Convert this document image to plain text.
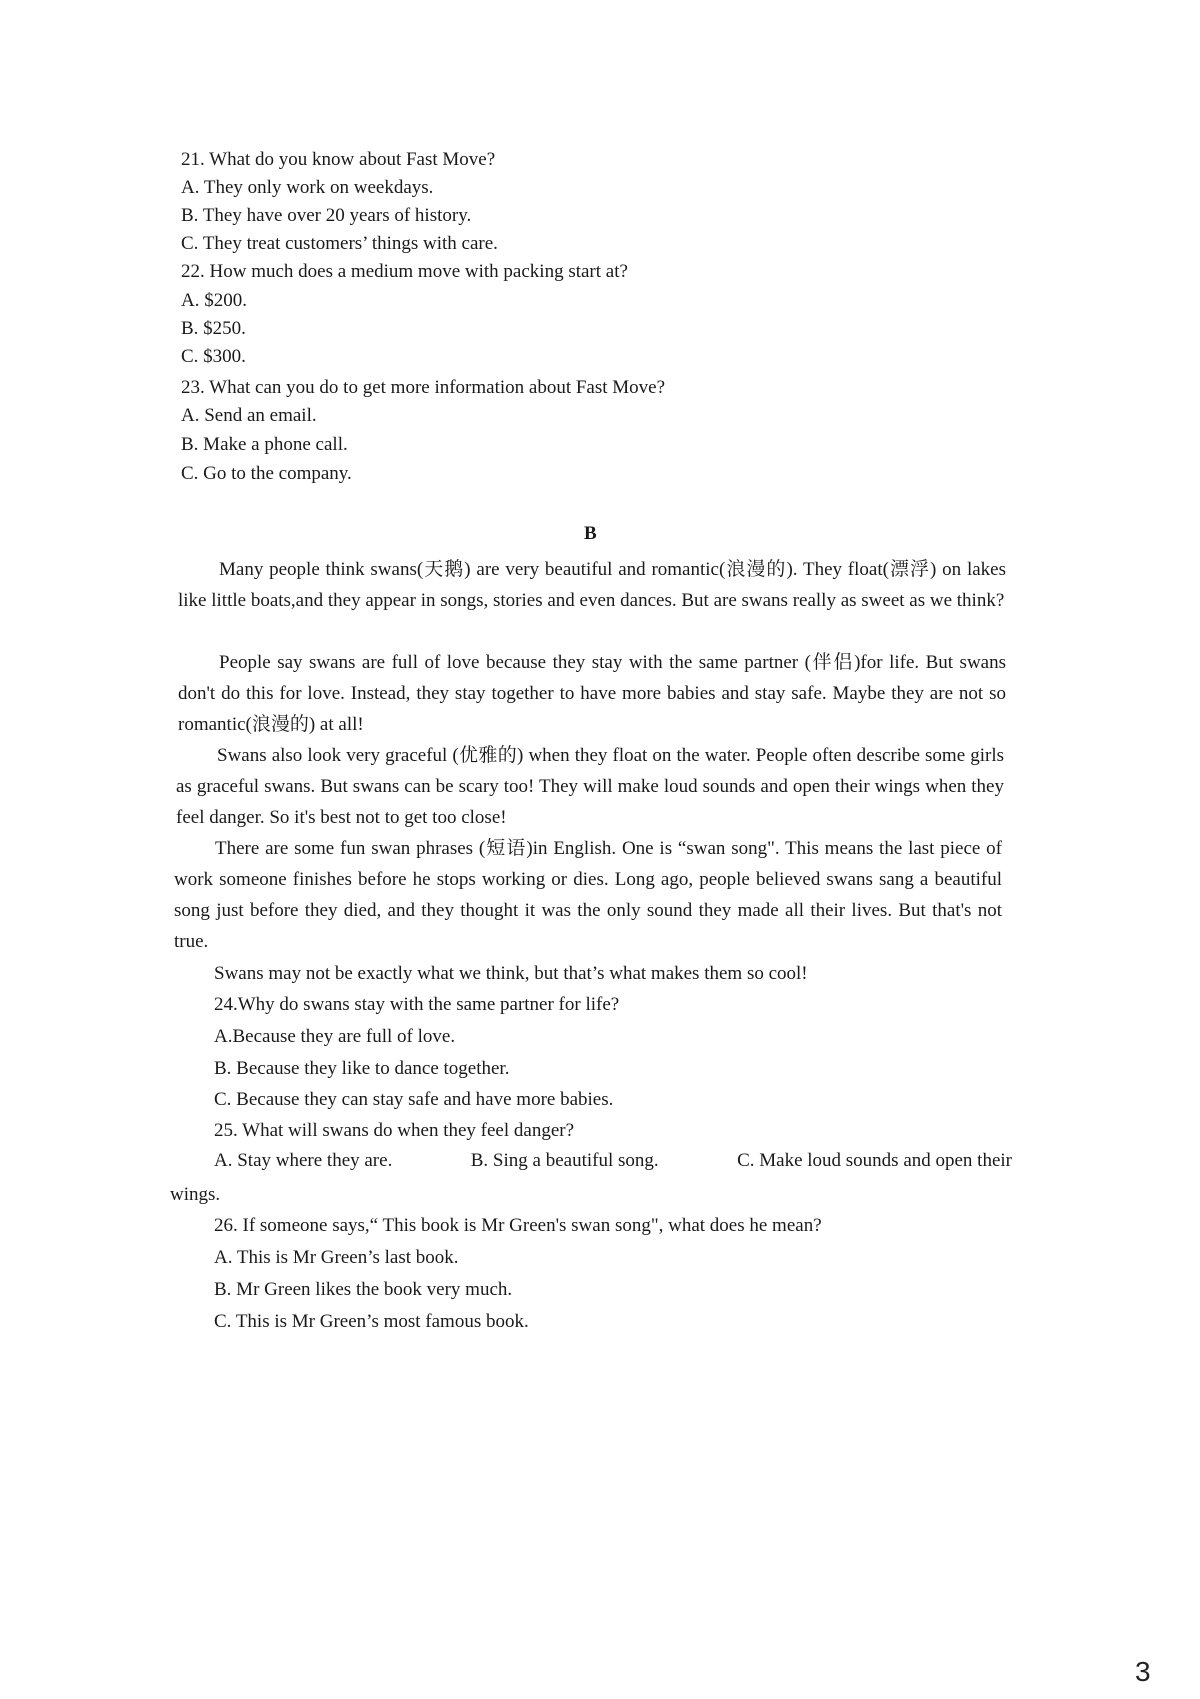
21. What do you know about Fast Move?
A. They only work on weekdays.
B. They have over 20 years of history.
C. They treat customers’ things with care.
22. How much does a medium move with packing start at?
A. $200.
B. $250.
C. $300.
23. What can you do to get more information about Fast Move?
A. Send an email.
B. Make a phone call.
C. Go to the company.
B
Many people think swans(天鹅) are very beautiful and romantic(浪漫的). They float(漂浮) on lakes like little boats,and they appear in songs, stories and even dances. But are swans really as sweet as we think?
People say swans are full of love because they stay with the same partner (伴侣)for life. But swans don't do this for love. Instead, they stay together to have more babies and stay safe. Maybe they are not so romantic(浪漫的) at all!
Swans also look very graceful (优雅的) when they float on the water. People often describe some girls as graceful swans. But swans can be scary too! They will make loud sounds and open their wings when they feel danger. So it's best not to get too close!
There are some fun swan phrases (短语)in English. One is “swan song". This means the last piece of work someone finishes before he stops working or dies. Long ago, people believed swans sang a beautiful song just before they died, and they thought it was the only sound they made all their lives. But that's not true.
Swans may not be exactly what we think, but that’s what makes them so cool!
24.Why do swans stay with the same partner for life?
A.Because they are full of love.
B. Because they like to dance together.
C. Because they can stay safe and have more babies.
25. What will swans do when they feel danger?
A. Stay where they are.	B. Sing a beautiful song.	C. Make loud sounds and open their
wings.
26. If someone says,“ This book is Mr Green's swan song", what does he mean?
A. This is Mr Green’s last book.
B. Mr Green likes the book very much.
C. This is Mr Green’s most famous book.
3
